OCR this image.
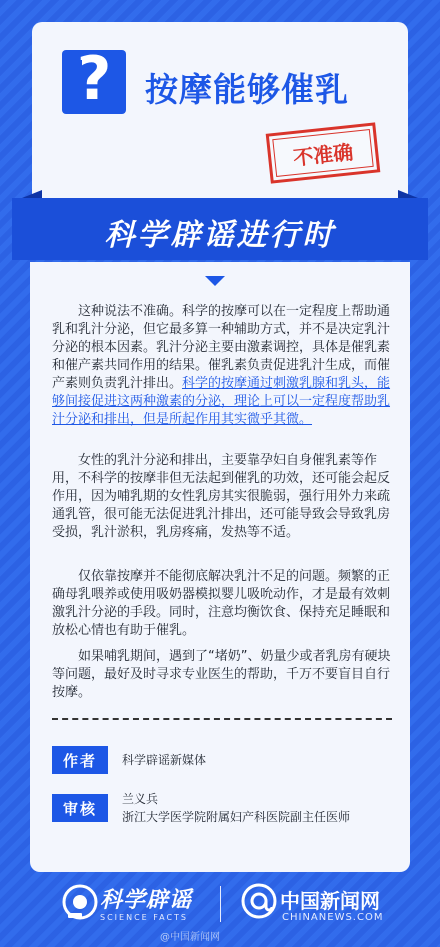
?
按摩能够催乳
不准确
科学辟谣进行时

这种说法不准确。科学的按摩可以在一定程度上帮助通乳和乳汁分泌，但它最多算一种辅助方式，并不是决定乳汁分泌的根本因素。乳汁分泌主要由激素调控，具体是催乳素和催产素共同作用的结果。催乳素负责促进乳汁生成，而催产素则负责乳汁排出。科学的按摩通过刺激乳腺和乳头，能够间接促进这两种激素的分泌，理论上可以一定程度帮助乳汁分泌和排出，但是所起作用其实微乎其微。

女性的乳汁分泌和排出，主要靠孕妇自身催乳素等作用，不科学的按摩非但无法起到催乳的功效，还可能会起反作用，因为哺乳期的女性乳房其实很脆弱，强行用外力来疏通乳管，很可能无法促进乳汁排出，还可能导致会导致乳房受损，乳汁淤积，乳房疼痛，发热等不适。

仅依靠按摩并不能彻底解决乳汁不足的问题。频繁的正确母乳喂养或使用吸奶器模拟婴儿吸吮动作，才是最有效刺激乳汁分泌的手段。同时，注意均衡饮食、保持充足睡眠和放松心情也有助于催乳。

如果哺乳期间，遇到了“堵奶”、奶量少或者乳房有硬块等问题，最好及时寻求专业医生的帮助，千万不要盲目自行按摩。

作者	科学辟谣新媒体
审核
兰义兵
浙江大学医学院附属妇产科医院副主任医师
科学辟谣
SCIENCE FACTS
中国新闻网
CHINANEWS.COM
@中国新闻网
